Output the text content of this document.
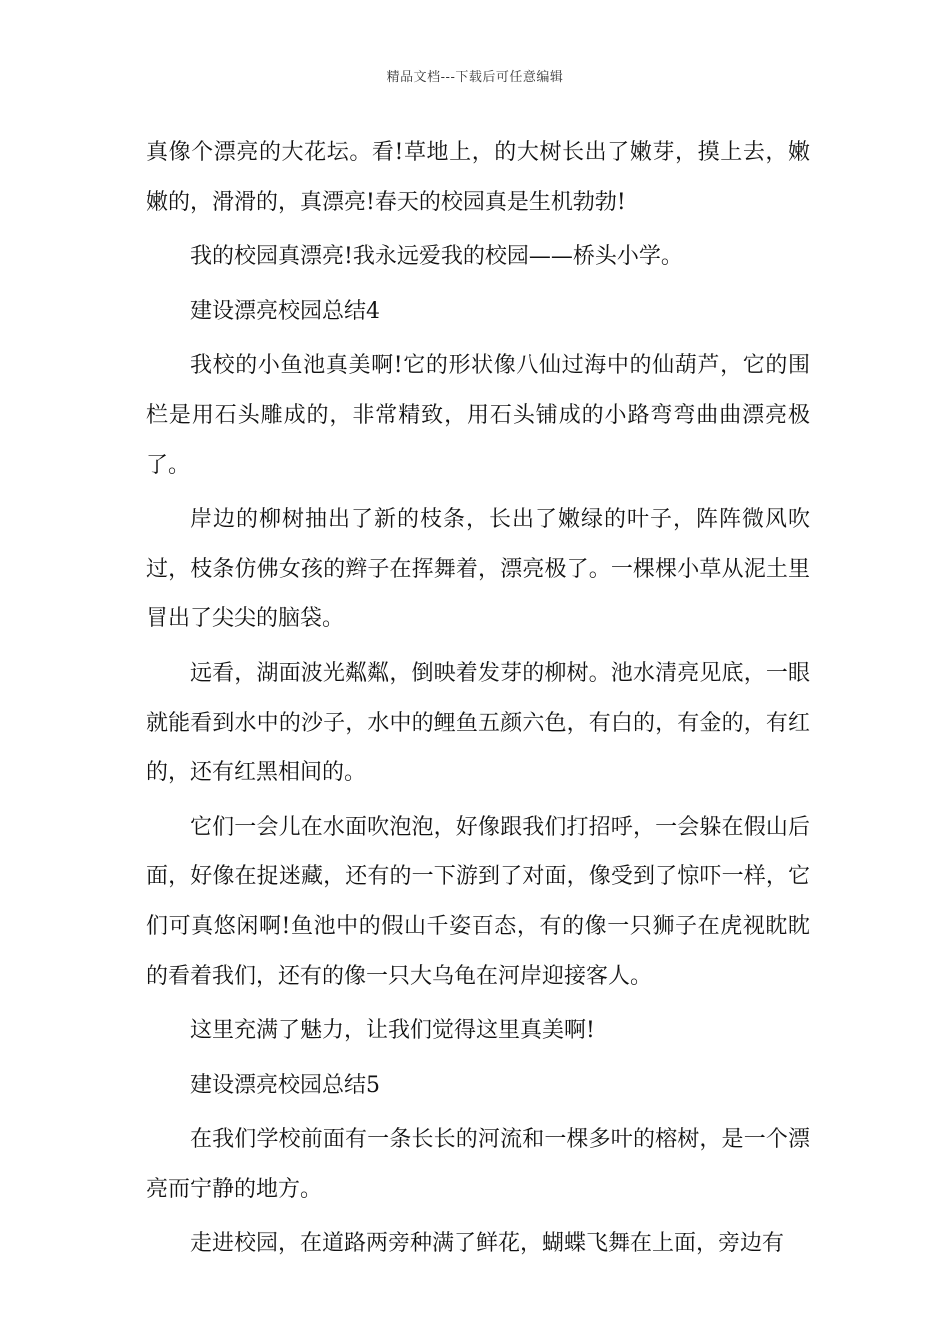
精品文档---下载后可任意编辑

真像个漂亮的大花坛。看!草地上，的大树长出了嫩芽，摸上去，嫩嫩的，滑滑的，真漂亮!春天的校园真是生机勃勃!

我的校园真漂亮!我永远爱我的校园——桥头小学。

建设漂亮校园总结4

我校的小鱼池真美啊!它的形状像八仙过海中的仙葫芦，它的围栏是用石头雕成的，非常精致，用石头铺成的小路弯弯曲曲漂亮极了。

岸边的柳树抽出了新的枝条，长出了嫩绿的叶子，阵阵微风吹过，枝条仿佛女孩的辫子在挥舞着，漂亮极了。一棵棵小草从泥土里冒出了尖尖的脑袋。

远看，湖面波光粼粼，倒映着发芽的柳树。池水清亮见底，一眼就能看到水中的沙子，水中的鲤鱼五颜六色，有白的，有金的，有红的，还有红黑相间的。

它们一会儿在水面吹泡泡，好像跟我们打招呼，一会躲在假山后面，好像在捉迷藏，还有的一下游到了对面，像受到了惊吓一样，它们可真悠闲啊!鱼池中的假山千姿百态，有的像一只狮子在虎视眈眈的看着我们，还有的像一只大乌龟在河岸迎接客人。

这里充满了魅力，让我们觉得这里真美啊!

建设漂亮校园总结5

在我们学校前面有一条长长的河流和一棵多叶的榕树，是一个漂亮而宁静的地方。

走进校园，在道路两旁种满了鲜花，蝴蝶飞舞在上面，旁边有
